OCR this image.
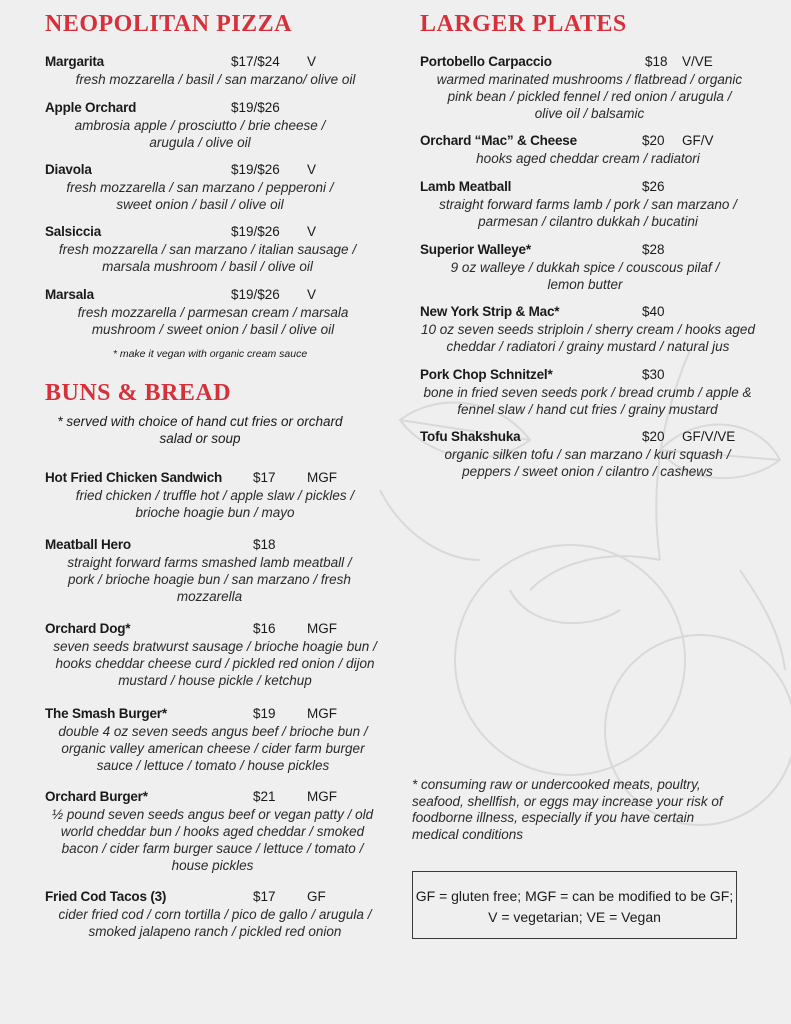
NEOPOLITAN PIZZA
Margarita	$17/$24 V
fresh mozzarella / basil / san marzano/ olive oil
Apple Orchard	$19/$26
ambrosia apple / prosciutto / brie cheese / arugula / olive oil
Diavola	$19/$26 V
fresh mozzarella / san marzano / pepperoni / sweet onion / basil / olive oil
Salsiccia	$19/$26 V
fresh mozzarella / san marzano / italian sausage / marsala mushroom / basil / olive oil
Marsala	$19/$26 V
fresh mozzarella / parmesan cream / marsala mushroom / sweet onion / basil / olive oil
* make it vegan with organic cream sauce
BUNS & BREAD
* served with choice of hand cut fries or orchard salad or soup
Hot Fried Chicken Sandwich $17 MGF
fried chicken / truffle hot / apple slaw / pickles / brioche hoagie bun / mayo
Meatball Hero	$18
straight forward farms smashed lamb meatball / pork / brioche hoagie bun / san marzano / fresh mozzarella
Orchard Dog*	$16 MGF
seven seeds bratwurst sausage / brioche hoagie bun / hooks cheddar cheese curd / pickled red onion / dijon mustard / house pickle / ketchup
The Smash Burger*	$19 MGF
double 4 oz seven seeds angus beef / brioche bun / organic valley american cheese / cider farm burger sauce / lettuce / tomato / house pickles
Orchard Burger*	$21 MGF
½ pound seven seeds angus beef or vegan patty / old world cheddar bun / hooks aged cheddar / smoked bacon / cider farm burger sauce / lettuce / tomato / house pickles
Fried Cod Tacos (3)	$17 GF
cider fried cod / corn tortilla / pico de gallo / arugula / smoked jalapeno ranch / pickled red onion
LARGER PLATES
Portobello Carpaccio	$18 V/VE
warmed marinated mushrooms / flatbread / organic pink bean / pickled fennel / red onion / arugula / olive oil / balsamic
Orchard “Mac” & Cheese	$20 GF/V
hooks aged cheddar cream / radiatori
Lamb Meatball	$26
straight forward farms lamb / pork / san marzano / parmesan / cilantro dukkah / bucatini
Superior Walleye*	$28
9 oz walleye / dukkah spice / couscous pilaf / lemon butter
New York Strip & Mac*	$40
10 oz seven seeds striploin / sherry cream / hooks aged cheddar / radiatori / grainy mustard / natural jus
Pork Chop Schnitzel*	$30
bone in fried seven seeds pork / bread crumb / apple & fennel slaw / hand cut fries / grainy mustard
Tofu Shakshuka	$20 GF/V/VE
organic silken tofu / san marzano / kuri squash / peppers / sweet onion / cilantro / cashews
* consuming raw or undercooked meats, poultry, seafood, shellfish, or eggs may increase your risk of foodborne illness, especially if you have certain medical conditions
GF = gluten free; MGF = can be modified to be GF; V = vegetarian; VE = Vegan
